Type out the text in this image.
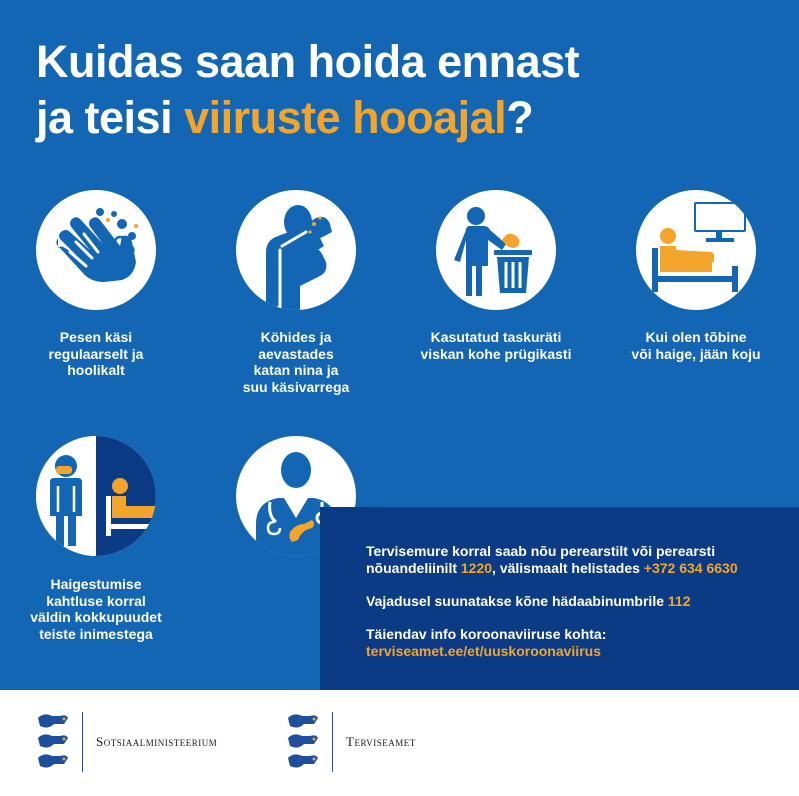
Kuidas saan hoida ennast
ja teisi viiruste hooajal?
Pesen käsi
regulaarselt ja
hoolikalt
Köhides ja
aevastades
katan nina ja
suu käsivarrega
Kasutatud taskuräti
viskan kohe prügikasti
Kui olen tõbine
või haige, jään koju
Haigestumise
kahtluse korral
väldin kokkupuudet
teiste inimestega

Tervisemure korral saab nõu perearstilt või perearsti
nõuandeliinilt 1220, välismaalt helistades +372 634 6630

Vajadusel suunatakse kõne hädaabinumbrile 112

Täiendav info koroonaviiruse kohta:
terviseamet.ee/et/uuskoroonaviirus

Sotsiaalministeerium	Terviseamet
